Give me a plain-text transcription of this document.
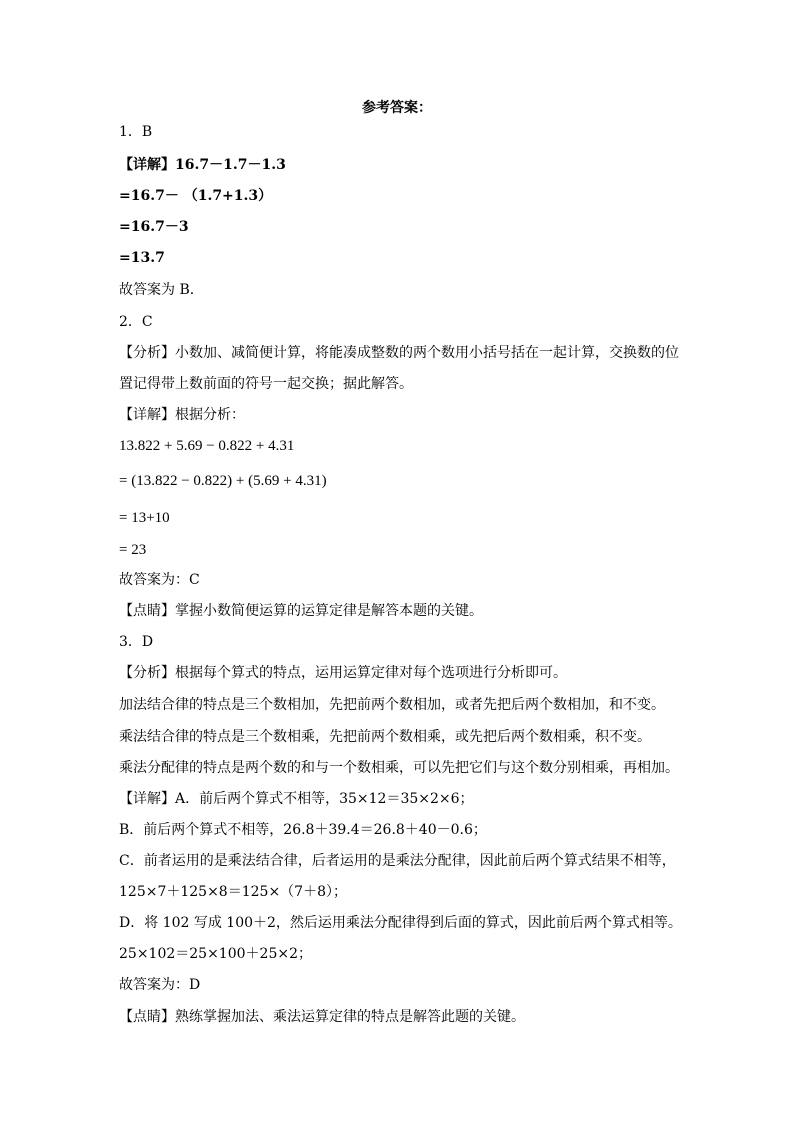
参考答案：
1．B
【详解】16.7－1.7－1.3
=16.7－ （1.7+1.3）
=16.7－3
=13.7
故答案为 B.
2．C
【分析】小数加、减简便计算，将能凑成整数的两个数用小括号括在一起计算，交换数的位
置记得带上数前面的符号一起交换；据此解答。
【详解】根据分析：
13.822 + 5.69 − 0.822 + 4.31
= (13.822 − 0.822) + (5.69 + 4.31)
= 13+10
= 23
故答案为：C
【点睛】掌握小数简便运算的运算定律是解答本题的关键。
3．D
【分析】根据每个算式的特点，运用运算定律对每个选项进行分析即可。
加法结合律的特点是三个数相加，先把前两个数相加，或者先把后两个数相加，和不变。
乘法结合律的特点是三个数相乘，先把前两个数相乘，或先把后两个数相乘，积不变。
乘法分配律的特点是两个数的和与一个数相乘，可以先把它们与这个数分别相乘，再相加。
【详解】A．前后两个算式不相等，35×12＝35×2×6；
B．前后两个算式不相等，26.8＋39.4＝26.8＋40－0.6；
C．前者运用的是乘法结合律，后者运用的是乘法分配律，因此前后两个算式结果不相等，
125×7＋125×8＝125×（7＋8）；
D．将 102 写成 100＋2，然后运用乘法分配律得到后面的算式，因此前后两个算式相等。
25×102＝25×100＋25×2；
故答案为：D
【点睛】熟练掌握加法、乘法运算定律的特点是解答此题的关键。
